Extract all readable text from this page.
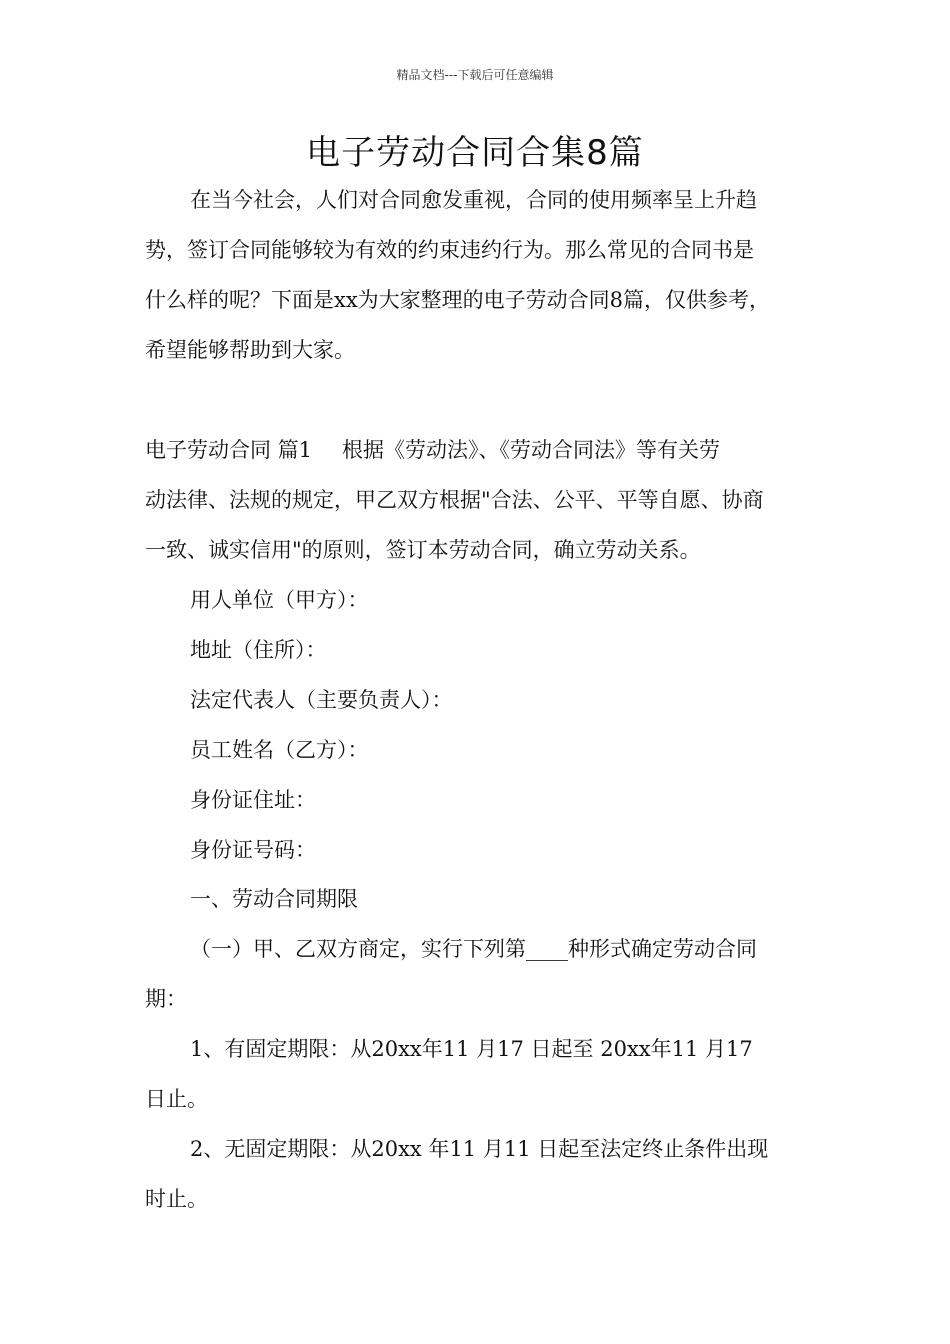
精品文档---下载后可任意编辑
电子劳动合同合集8篇
在当今社会，人们对合同愈发重视，合同的使用频率呈上升趋
势，签订合同能够较为有效的约束违约行为。那么常见的合同书是
什么样的呢？下面是xx为大家整理的电子劳动合同8篇，仅供参考，
希望能够帮助到大家。
电子劳动合同 篇1 根据《劳动法》、《劳动合同法》等有关劳
动法律、法规的规定，甲乙双方根据"合法、公平、平等自愿、协商
一致、诚实信用"的原则，签订本劳动合同，确立劳动关系。
用人单位（甲方）：
地址（住所）：
法定代表人（主要负责人）：
员工姓名（乙方）：
身份证住址：
身份证号码：
一、劳动合同期限
（一）甲、乙双方商定，实行下列第____种形式确定劳动合同
期：
1、有固定期限：从20xx年11 月17 日起至 20xx年11 月17
日止。
2、无固定期限：从20xx 年11 月11 日起至法定终止条件出现
时止。
